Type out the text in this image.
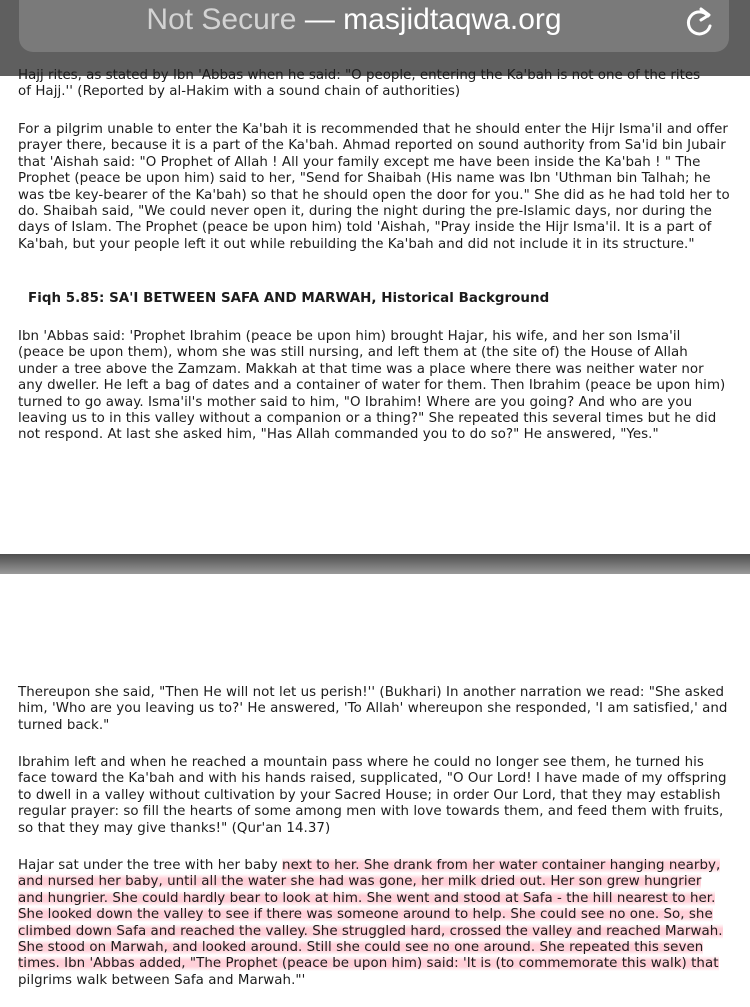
Not Secure — masjidtaqwa.org
Hajj rites, as stated by Ibn 'Abbas when he said: "O people, entering the Ka'bah is not one of the rites

of Hajj.'' (Reported by al-Hakim with a sound chain of authorities)

For a pilgrim unable to enter the Ka'bah it is recommended that he should enter the Hijr Isma'il and offer prayer there, because it is a part of the Ka'bah. Ahmad reported on sound authority from Sa'id bin Jubair that 'Aishah said: "O Prophet of Allah ! All your family except me have been inside the Ka'bah ! " The Prophet (peace be upon him) said to her, "Send for Shaibah (His name was Ibn 'Uthman bin Talhah; he was tbe key-bearer of the Ka'bah) so that he should open the door for you." She did as he had told her to do. Shaibah said, "We could never open it, during the night during the pre-Islamic days, nor during the days of Islam. The Prophet (peace be upon him) told 'Aishah, "Pray inside the Hijr Isma'il. It is a part of Ka'bah, but your people left it out while rebuilding the Ka'bah and did not include it in its structure."

Fiqh 5.85: SA'I BETWEEN SAFA AND MARWAH, Historical Background

Ibn 'Abbas said: 'Prophet Ibrahim (peace be upon him) brought Hajar, his wife, and her son Isma'il (peace be upon them), whom she was still nursing, and left them at (the site of) the House of Allah under a tree above the Zamzam. Makkah at that time was a place where there was neither water nor any dweller. He left a bag of dates and a container of water for them. Then Ibrahim (peace be upon him) turned to go away. Isma'il's mother said to him, "O Ibrahim! Where are you going? And who are you leaving us to in this valley without a companion or a thing?" She repeated this several times but he did not respond. At last she asked him, "Has Allah commanded you to do so?" He answered, "Yes."

Thereupon she said, "Then He will not let us perish!'' (Bukhari) In another narration we read: "She asked him, 'Who are you leaving us to?' He answered, 'To Allah' whereupon she responded, 'I am satisfied,' and turned back."

Ibrahim left and when he reached a mountain pass where he could no longer see them, he turned his face toward the Ka'bah and with his hands raised, supplicated, "O Our Lord! I have made of my offspring to dwell in a valley without cultivation by your Sacred House; in order Our Lord, that they may establish regular prayer: so fill the hearts of some among men with love towards them, and feed them with fruits, so that they may give thanks!" (Qur'an 14.37)

Hajar sat under the tree with her baby next to her. She drank from her water container hanging nearby, and nursed her baby, until all the water she had was gone, her milk dried out. Her son grew hungrier and hungrier. She could hardly bear to look at him. She went and stood at Safa - the hill nearest to her. She looked down the valley to see if there was someone around to help. She could see no one. So, she climbed down Safa and reached the valley. She struggled hard, crossed the valley and reached Marwah. She stood on Marwah, and looked around. Still she could see no one around. She repeated this seven times. Ibn 'Abbas added, "The Prophet (peace be upon him) said: 'It is (to commemorate this walk) that pilgrims walk between Safa and Marwah."'
